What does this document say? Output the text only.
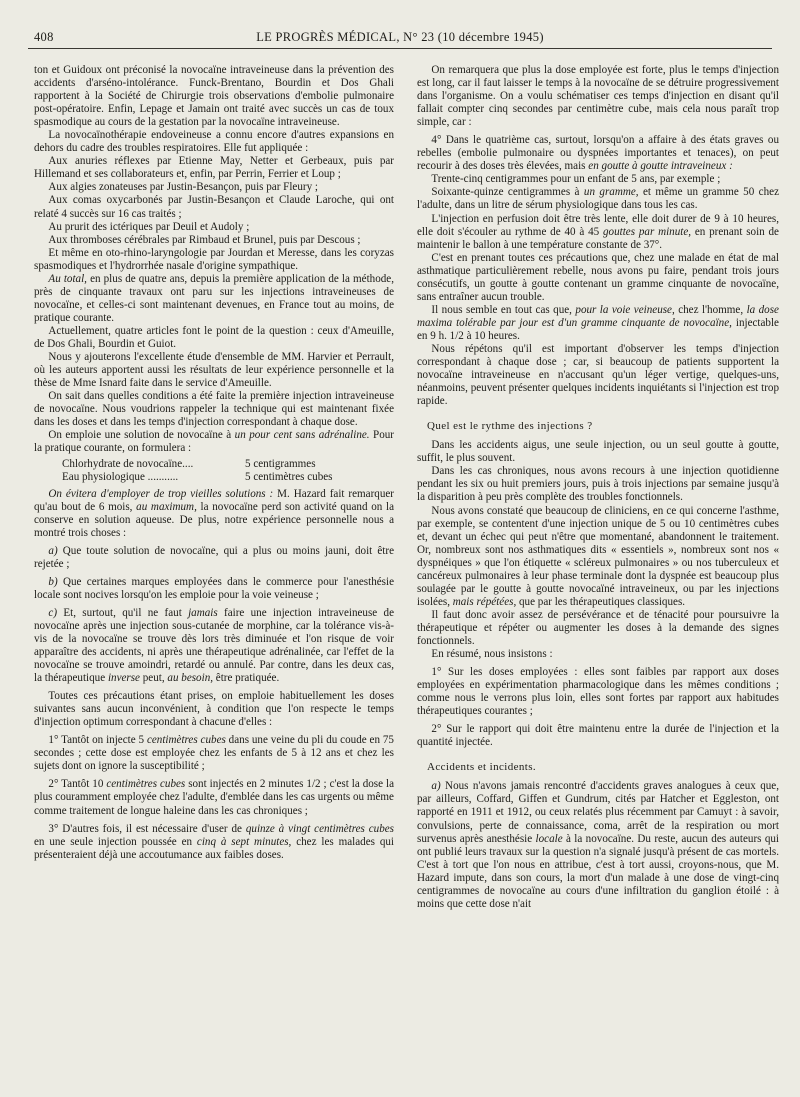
408	LE PROGRÈS MÉDICAL, N° 23 (10 décembre 1945)

ton et Guidoux ont préconisé la novocaïne intraveineuse dans la prévention des accidents d'arséno-intolérance. Funck-Brentano, Bourdin et Dos Ghali rapportent à la Société de Chirurgie trois observations d'embolie pulmonaire post-opératoire. Enfin, Lepage et Jamain ont traité avec succès un cas de toux spasmodique au cours de la gestation par la novocaïne intraveineuse.

La novocaïnothérapie endoveineuse a connu encore d'autres expansions en dehors du cadre des troubles respiratoires. Elle fut appliquée :

Aux anuries réflexes par Etienne May, Netter et Gerbeaux, puis par Hillemand et ses collaborateurs et, enfin, par Perrin, Ferrier et Loup ;

Aux algies zonateuses par Justin-Besançon, puis par Fleury ;

Aux comas oxycarbonés par Justin-Besançon et Claude Laroche, qui ont relaté 4 succès sur 16 cas traités ;

Au prurit des ictériques par Deuil et Audoly ;

Aux thromboses cérébrales par Rimbaud et Brunel, puis par Descous ;

Et même en oto-rhino-laryngologie par Jourdan et Meresse, dans les coryzas spasmodiques et l'hydrorrhée nasale d'origine sympathique.

Au total, en plus de quatre ans, depuis la première application de la méthode, près de cinquante travaux ont paru sur les injections intraveineuses de novocaïne, et celles-ci sont maintenant devenues, en France tout au moins, de pratique courante.

Actuellement, quatre articles font le point de la question : ceux d'Ameuille, de Dos Ghali, Bourdin et Guiot.

Nous y ajouterons l'excellente étude d'ensemble de MM. Harvier et Perrault, où les auteurs apportent aussi les résultats de leur expérience personnelle et la thèse de Mme Isnard faite dans le service d'Ameuille.

On sait dans quelles conditions a été faite la première injection intraveineuse de novocaïne. Nous voudrions rappeler la technique qui est maintenant fixée dans les doses et dans les temps d'injection correspondant à chaque dose.

On emploie une solution de novocaïne à un pour cent sans adrénaline. Pour la pratique courante, on formulera :

Chlorhydrate de novocaïne....	5 centigrammes
Eau physiologique ...........	5 centimètres cubes

On évitera d'employer de trop vieilles solutions : M. Hazard fait remarquer qu'au bout de 6 mois, au maximum, la novocaïne perd son activité quand on la conserve en solution aqueuse. De plus, notre expérience personnelle nous a montré trois choses :

a) Que toute solution de novocaïne, qui a plus ou moins jauni, doit être rejetée ;

b) Que certaines marques employées dans le commerce pour l'anesthésie locale sont nocives lorsqu'on les emploie pour la voie veineuse ;

c) Et, surtout, qu'il ne faut jamais faire une injection intraveineuse de novocaïne après une injection sous-cutanée de morphine, car la tolérance vis-à-vis de la novocaïne se trouve dès lors très diminuée et l'on risque de voir apparaître des accidents, ni après une thérapeutique adrénalinée, car l'effet de la novocaïne se trouve amoindri, retardé ou annulé. Par contre, dans les deux cas, la thérapeutique inverse peut, au besoin, être pratiquée.

Toutes ces précautions étant prises, on emploie habituellement les doses suivantes sans aucun inconvénient, à condition que l'on respecte le temps d'injection optimum correspondant à chacune d'elles :

1° Tantôt on injecte 5 centimètres cubes dans une veine du pli du coude en 75 secondes ; cette dose est employée chez les enfants de 5 à 12 ans et chez les sujets dont on ignore la susceptibilité ;

2° Tantôt 10 centimètres cubes sont injectés en 2 minutes 1/2 ; c'est la dose la plus couramment employée chez l'adulte, d'emblée dans les cas urgents ou même comme traitement de longue haleine dans les cas chroniques ;

3° D'autres fois, il est nécessaire d'user de quinze à vingt centimètres cubes en une seule injection poussée en cinq à sept minutes, chez les malades qui présenteraient déjà une accoutumance aux faibles doses.

On remarquera que plus la dose employée est forte, plus le temps d'injection est long, car il faut laisser le temps à la novocaïne de se détruire progressivement dans l'organisme. On a voulu schématiser ces temps d'injection en disant qu'il fallait compter cinq secondes par centimètre cube, mais cela nous paraît trop simple, car :

4° Dans le quatrième cas, surtout, lorsqu'on a affaire à des états graves ou rebelles (embolie pulmonaire ou dyspnées importantes et tenaces), on peut recourir à des doses très élevées, mais en goutte à goutte intraveineux :

Trente-cinq centigrammes pour un enfant de 5 ans, par exemple ;

Soixante-quinze centigrammes à un gramme, et même un gramme 50 chez l'adulte, dans un litre de sérum physiologique dans tous les cas.

L'injection en perfusion doit être très lente, elle doit durer de 9 à 10 heures, elle doit s'écouler au rythme de 40 à 45 gouttes par minute, en prenant soin de maintenir le ballon à une température constante de 37°.

C'est en prenant toutes ces précautions que, chez une malade en état de mal asthmatique particulièrement rebelle, nous avons pu faire, pendant trois jours consécutifs, un goutte à goutte contenant un gramme cinquante de novocaïne, sans entraîner aucun trouble.

Il nous semble en tout cas que, pour la voie veineuse, chez l'homme, la dose maxima tolérable par jour est d'un gramme cinquante de novocaïne, injectable en 9 h. 1/2 à 10 heures.

Nous répétons qu'il est important d'observer les temps d'injection correspondant à chaque dose ; car, si beaucoup de patients supportent la novocaïne intraveineuse en n'accusant qu'un léger vertige, quelques-uns, néanmoins, peuvent présenter quelques incidents inquiétants si l'injection est trop rapide.

Quel est le rythme des injections ?

Dans les accidents aigus, une seule injection, ou un seul goutte à goutte, suffit, le plus souvent.

Dans les cas chroniques, nous avons recours à une injection quotidienne pendant les six ou huit premiers jours, puis à trois injections par semaine jusqu'à la disparition à peu près complète des troubles fonctionnels.

Nous avons constaté que beaucoup de cliniciens, en ce qui concerne l'asthme, par exemple, se contentent d'une injection unique de 5 ou 10 centimètres cubes et, devant un échec qui peut n'être que momentané, abandonnent le traitement. Or, nombreux sont nos asthmatiques dits « essentiels », nombreux sont nos « dyspnéiques » que l'on étiquette « scléreux pulmonaires » ou nos tuberculeux et cancéreux pulmonaires à leur phase terminale dont la dyspnée est beaucoup plus soulagée par le goutte à goutte novocaïné intraveineux, ou par les injections isolées, mais répétées, que par les thérapeutiques classiques.

Il faut donc avoir assez de persévérance et de ténacité pour poursuivre la thérapeutique et répéter ou augmenter les doses à la demande des signes fonctionnels.

En résumé, nous insistons :

1° Sur les doses employées : elles sont faibles par rapport aux doses employées en expérimentation pharmacologique dans les mêmes conditions ; comme nous le verrons plus loin, elles sont fortes par rapport aux habitudes thérapeutiques courantes ;

2° Sur le rapport qui doit être maintenu entre la durée de l'injection et la quantité injectée.

Accidents et incidents.

a) Nous n'avons jamais rencontré d'accidents graves analogues à ceux que, par ailleurs, Coffard, Giffen et Gundrum, cités par Hatcher et Eggleston, ont rapporté en 1911 et 1912, ou ceux relatés plus récemment par Camuyt : à savoir, convulsions, perte de connaissance, coma, arrêt de la respiration ou mort survenus après anesthésie locale à la novocaïne. Du reste, aucun des auteurs qui ont publié leurs travaux sur la question n'a signalé jusqu'à présent de cas mortels. C'est à tort que l'on nous en attribue, c'est à tort aussi, croyons-nous, que M. Hazard impute, dans son cours, la mort d'un malade à une dose de vingt-cinq centigrammes de novocaïne au cours d'une infiltration du ganglion étoilé : à moins que cette dose n'ait
